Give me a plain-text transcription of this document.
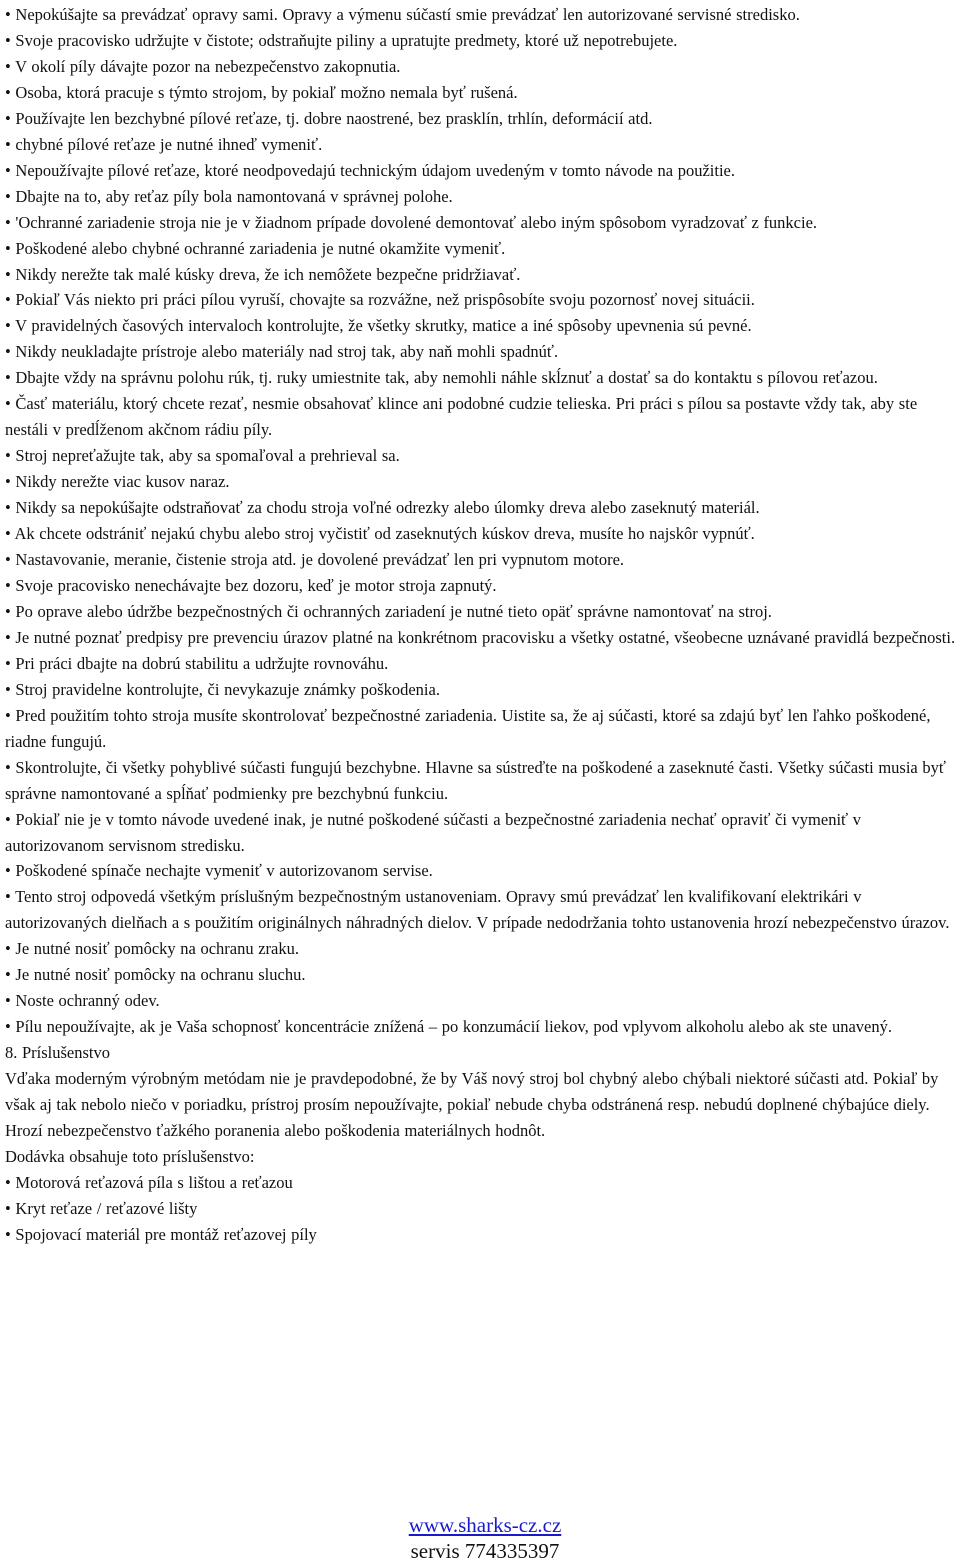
• Nepokúšajte sa prevádzať opravy sami. Opravy a výmenu súčastí smie prevádzať len autorizované servisné stredisko.
• Svoje pracovisko udržujte v čistote; odstraňujte piliny a upratujte predmety, ktoré už nepotrebujete.
• V okolí píly dávajte pozor na nebezpečenstvo zakopnutia.
• Osoba, ktorá pracuje s týmto strojom, by pokiaľ možno nemala byť rušená.
• Používajte len bezchybné pílové reťaze, tj. dobre naostrené, bez prasklín, trhlín, deformácií atd.
• chybné pílové reťaze je nutné ihneď vymeniť.
• Nepoužívajte pílové reťaze, ktoré neodpovedajú technickým údajom uvedeným v tomto návode na použitie.
• Dbajte na to, aby reťaz píly bola namontovaná v správnej polohe.
• 'Ochranné zariadenie stroja nie je v žiadnom prípade dovolené demontovať alebo iným spôsobom vyradzovať z funkcie.
• Poškodené alebo chybné ochranné zariadenia je nutné okamžite vymeniť.
• Nikdy nerežte tak malé kúsky dreva, že ich nemôžete bezpečne pridržiavať.
• Pokiaľ Vás niekto pri práci pílou vyruší, chovajte sa rozvážne, než prispôsobíte svoju pozornosť novej situácii.
• V pravidelných časových intervaloch kontrolujte, že všetky skrutky, matice a iné spôsoby upevnenia sú pevné.
• Nikdy neukladajte prístroje alebo materiály nad stroj tak, aby naň mohli spadnúť.
• Dbajte vždy na správnu polohu rúk, tj. ruky umiestnite tak, aby nemohli náhle skĺznuť a dostať sa do kontaktu s pílovou reťazou.
• Časť materiálu, ktorý chcete rezať, nesmie obsahovať klince ani podobné cudzie telieska. Pri práci s pílou sa postavte vždy tak, aby ste nestáli v predĺženom akčnom rádiu píly.
• Stroj nepreťažujte tak, aby sa spomaľoval a prehrieval sa.
• Nikdy nerežte viac kusov naraz.
• Nikdy sa nepokúšajte odstraňovať za chodu stroja voľné odrezky alebo úlomky dreva alebo zaseknutý materiál.
• Ak chcete odstrániť nejakú chybu alebo stroj vyčistiť od zaseknutých kúskov dreva, musíte ho najskôr vypnúť.
• Nastavovanie, meranie, čistenie stroja atd. je dovolené prevádzať len pri vypnutom motore.
• Svoje pracovisko nenechávajte bez dozoru, keď je motor stroja zapnutý.
• Po oprave alebo údržbe bezpečnostných či ochranných zariadení je nutné tieto opäť správne namontovať na stroj.
• Je nutné poznať predpisy pre prevenciu úrazov platné na konkrétnom pracovisku a všetky ostatné, všeobecne uznávané pravidlá bezpečnosti.
• Pri práci dbajte na dobrú stabilitu a udržujte rovnováhu.
• Stroj pravidelne kontrolujte, či nevykazuje známky poškodenia.
• Pred použitím tohto stroja musíte skontrolovať bezpečnostné zariadenia. Uistite sa, že aj súčasti, ktoré sa zdajú byť len ľahko poškodené, riadne fungujú.
• Skontrolujte, či všetky pohyblivé súčasti fungujú bezchybne. Hlavne sa sústreďte na poškodené a zaseknuté časti. Všetky súčasti musia byť správne namontované a spĺňať podmienky pre bezchybnú funkciu.
• Pokiaľ nie je v tomto návode uvedené inak, je nutné poškodené súčasti a bezpečnostné zariadenia nechať opraviť či vymeniť v autorizovanom servisnom stredisku.
• Poškodené spínače nechajte vymeniť v autorizovanom servise.
• Tento stroj odpovedá všetkým príslušným bezpečnostným ustanoveniam. Opravy smú prevádzať len kvalifikovaní elektrikári v autorizovaných dielňach a s použitím originálnych náhradných dielov. V prípade nedodržania tohto ustanovenia hrozí nebezpečenstvo úrazov.
• Je nutné nosiť pomôcky na ochranu zraku.
• Je nutné nosiť pomôcky na ochranu sluchu.
• Noste ochranný odev.
• Pílu nepoužívajte, ak je Vaša schopnosť koncentrácie znížená – po konzumácií liekov, pod vplyvom alkoholu alebo ak ste unavený.
8. Príslušenstvo
Vďaka moderným výrobným metódam nie je pravdepodobné, že by Váš nový stroj bol chybný alebo chýbali niektoré súčasti atd. Pokiaľ by však aj tak nebolo niečo v poriadku, prístroj prosím nepoužívajte, pokiaľ nebude chyba odstránená resp. nebudú doplnené chýbajúce diely. Hrozí nebezpečenstvo ťažkého poranenia alebo poškodenia materiálnych hodnôt.
Dodávka obsahuje toto príslušenstvo:
• Motorová reťazová píla s lištou a reťazou
• Kryt reťaze / reťazové lišty
• Spojovací materiál pre montáž reťazovej píly
www.sharks-cz.cz
servis 774335397
